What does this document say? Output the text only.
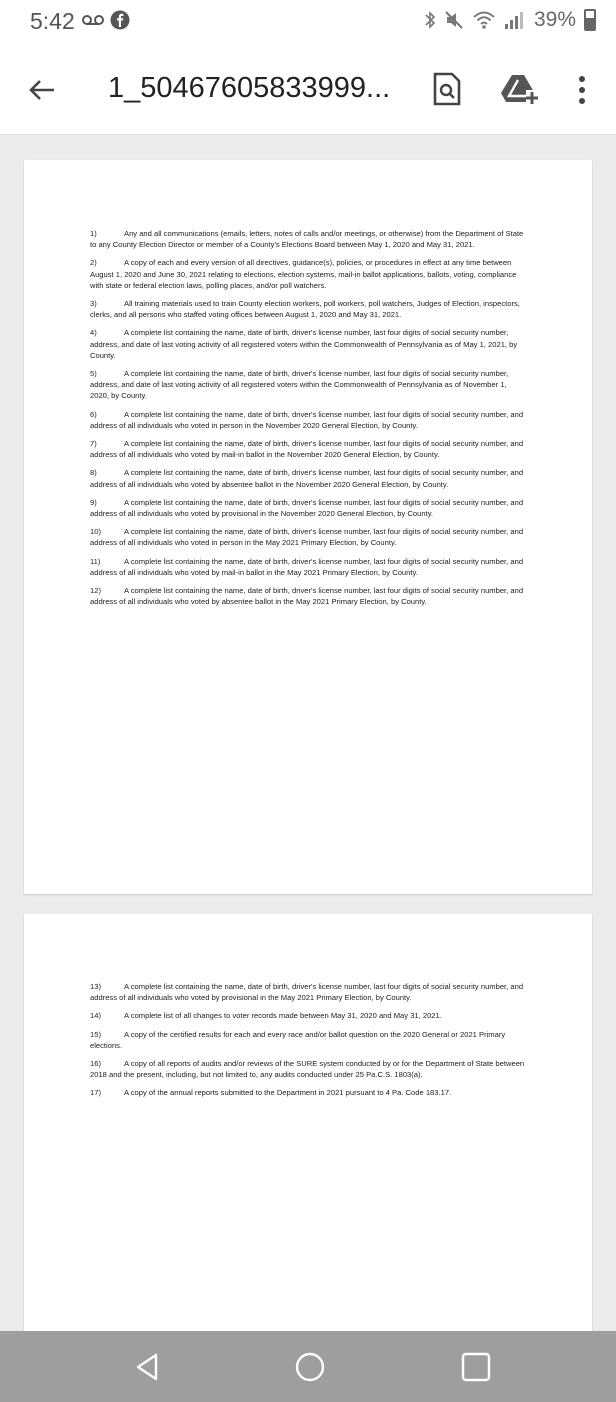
5:42	39%
1_50467605833999...
1)	Any and all communications (emails, letters, notes of calls and/or meetings, or otherwise) from the Department of State to any County Election Director or member of a County's Elections Board between May 1, 2020 and May 31, 2021.
2)	A copy of each and every version of all directives, guidance(s), policies, or procedures in effect at any time between August 1, 2020 and June 30, 2021 relating to elections, election systems, mail-in ballot applications, ballots, voting, compliance with state or federal election laws, polling places, and/or poll watchers.
3)	All training materials used to train County election workers, poll workers, poll watchers, Judges of Election, inspectors, clerks, and all persons who staffed voting offices between August 1, 2020 and May 31, 2021.
4)	A complete list containing the name, date of birth, driver's license number, last four digits of social security number, address, and date of last voting activity of all registered voters within the Commonwealth of Pennsylvania as of May 1, 2021, by County.
5)	A complete list containing the name, date of birth, driver's license number, last four digits of social security number, address, and date of last voting activity of all registered voters within the Commonwealth of Pennsylvania as of November 1, 2020, by County.
6)	A complete list containing the name, date of birth, driver's license number, last four digits of social security number, and address of all individuals who voted in person in the November 2020 General Election, by County.
7)	A complete list containing the name, date of birth, driver's license number, last four digits of social security number, and address of all individuals who voted by mail-in ballot in the November 2020 General Election, by County.
8)	A complete list containing the name, date of birth, driver's license number, last four digits of social security number, and address of all individuals who voted by absentee ballot in the November 2020 General Election, by County.
9)	A complete list containing the name, date of birth, driver's license number, last four digits of social security number, and address of all individuals who voted by provisional in the November 2020 General Election, by County.
10)	A complete list containing the name, date of birth, driver's license number, last four digits of social security number, and address of all individuals who voted in person in the May 2021 Primary Election, by County.
11)	A complete list containing the name, date of birth, driver's license number, last four digits of social security number, and address of all individuals who voted by mail-in ballot in the May 2021 Primary Election, by County.
12)	A complete list containing the name, date of birth, driver's license number, last four digits of social security number, and address of all individuals who voted by absentee ballot in the May 2021 Primary Election, by County.
13)	A complete list containing the name, date of birth, driver's license number, last four digits of social security number, and address of all individuals who voted by provisional in the May 2021 Primary Election, by County.
14)	A complete list of all changes to voter records made between May 31, 2020 and May 31, 2021.
15)	A copy of the certified results for each and every race and/or ballot question on the 2020 General or 2021 Primary elections.
16)	A copy of all reports of audits and/or reviews of the SURE system conducted by or for the Department of State between 2018 and the present, including, but not limited to, any audits conducted under 25 Pa.C.S. 1803(a).
17)	A copy of the annual reports submitted to the Department in 2021 pursuant to 4 Pa. Code 183.17.
